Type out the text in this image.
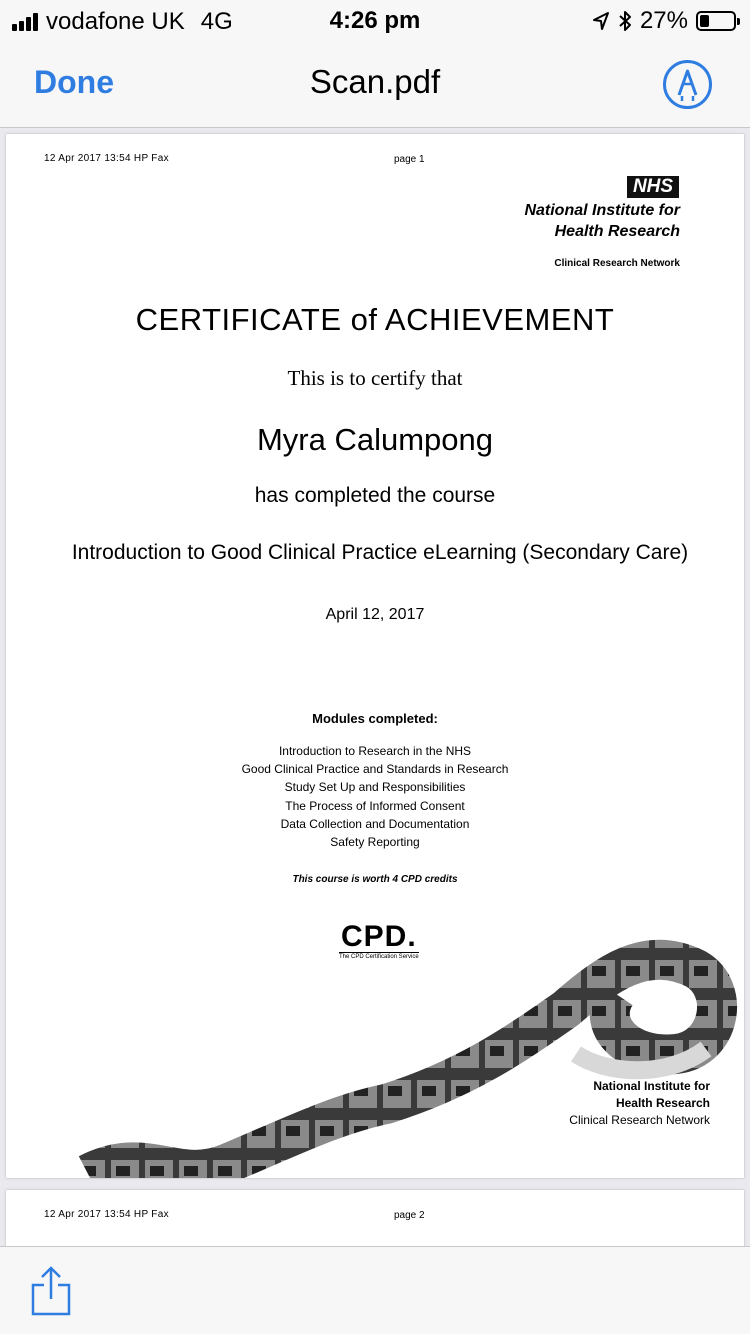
vodafone UK 4G	4:26 pm	27%
Done	Scan.pdf
12 Apr 2017 13:54 HP Fax	page 1
NHS
National Institute for
Health Research
Clinical Research Network
CERTIFICATE of ACHIEVEMENT
This is to certify that
Myra Calumpong
has completed the course
Introduction to Good Clinical Practice eLearning (Secondary Care)
April 12, 2017
Modules completed:
Introduction to Research in the NHS
Good Clinical Practice and Standards in Research
Study Set Up and Responsibilities
The Process of Informed Consent
Data Collection and Documentation
Safety Reporting
This course is worth 4 CPD credits
CPD.
The CPD Certification Service
National Institute for
Health Research
Clinical Research Network
12 Apr 2017 13:54 HP Fax	page 2
